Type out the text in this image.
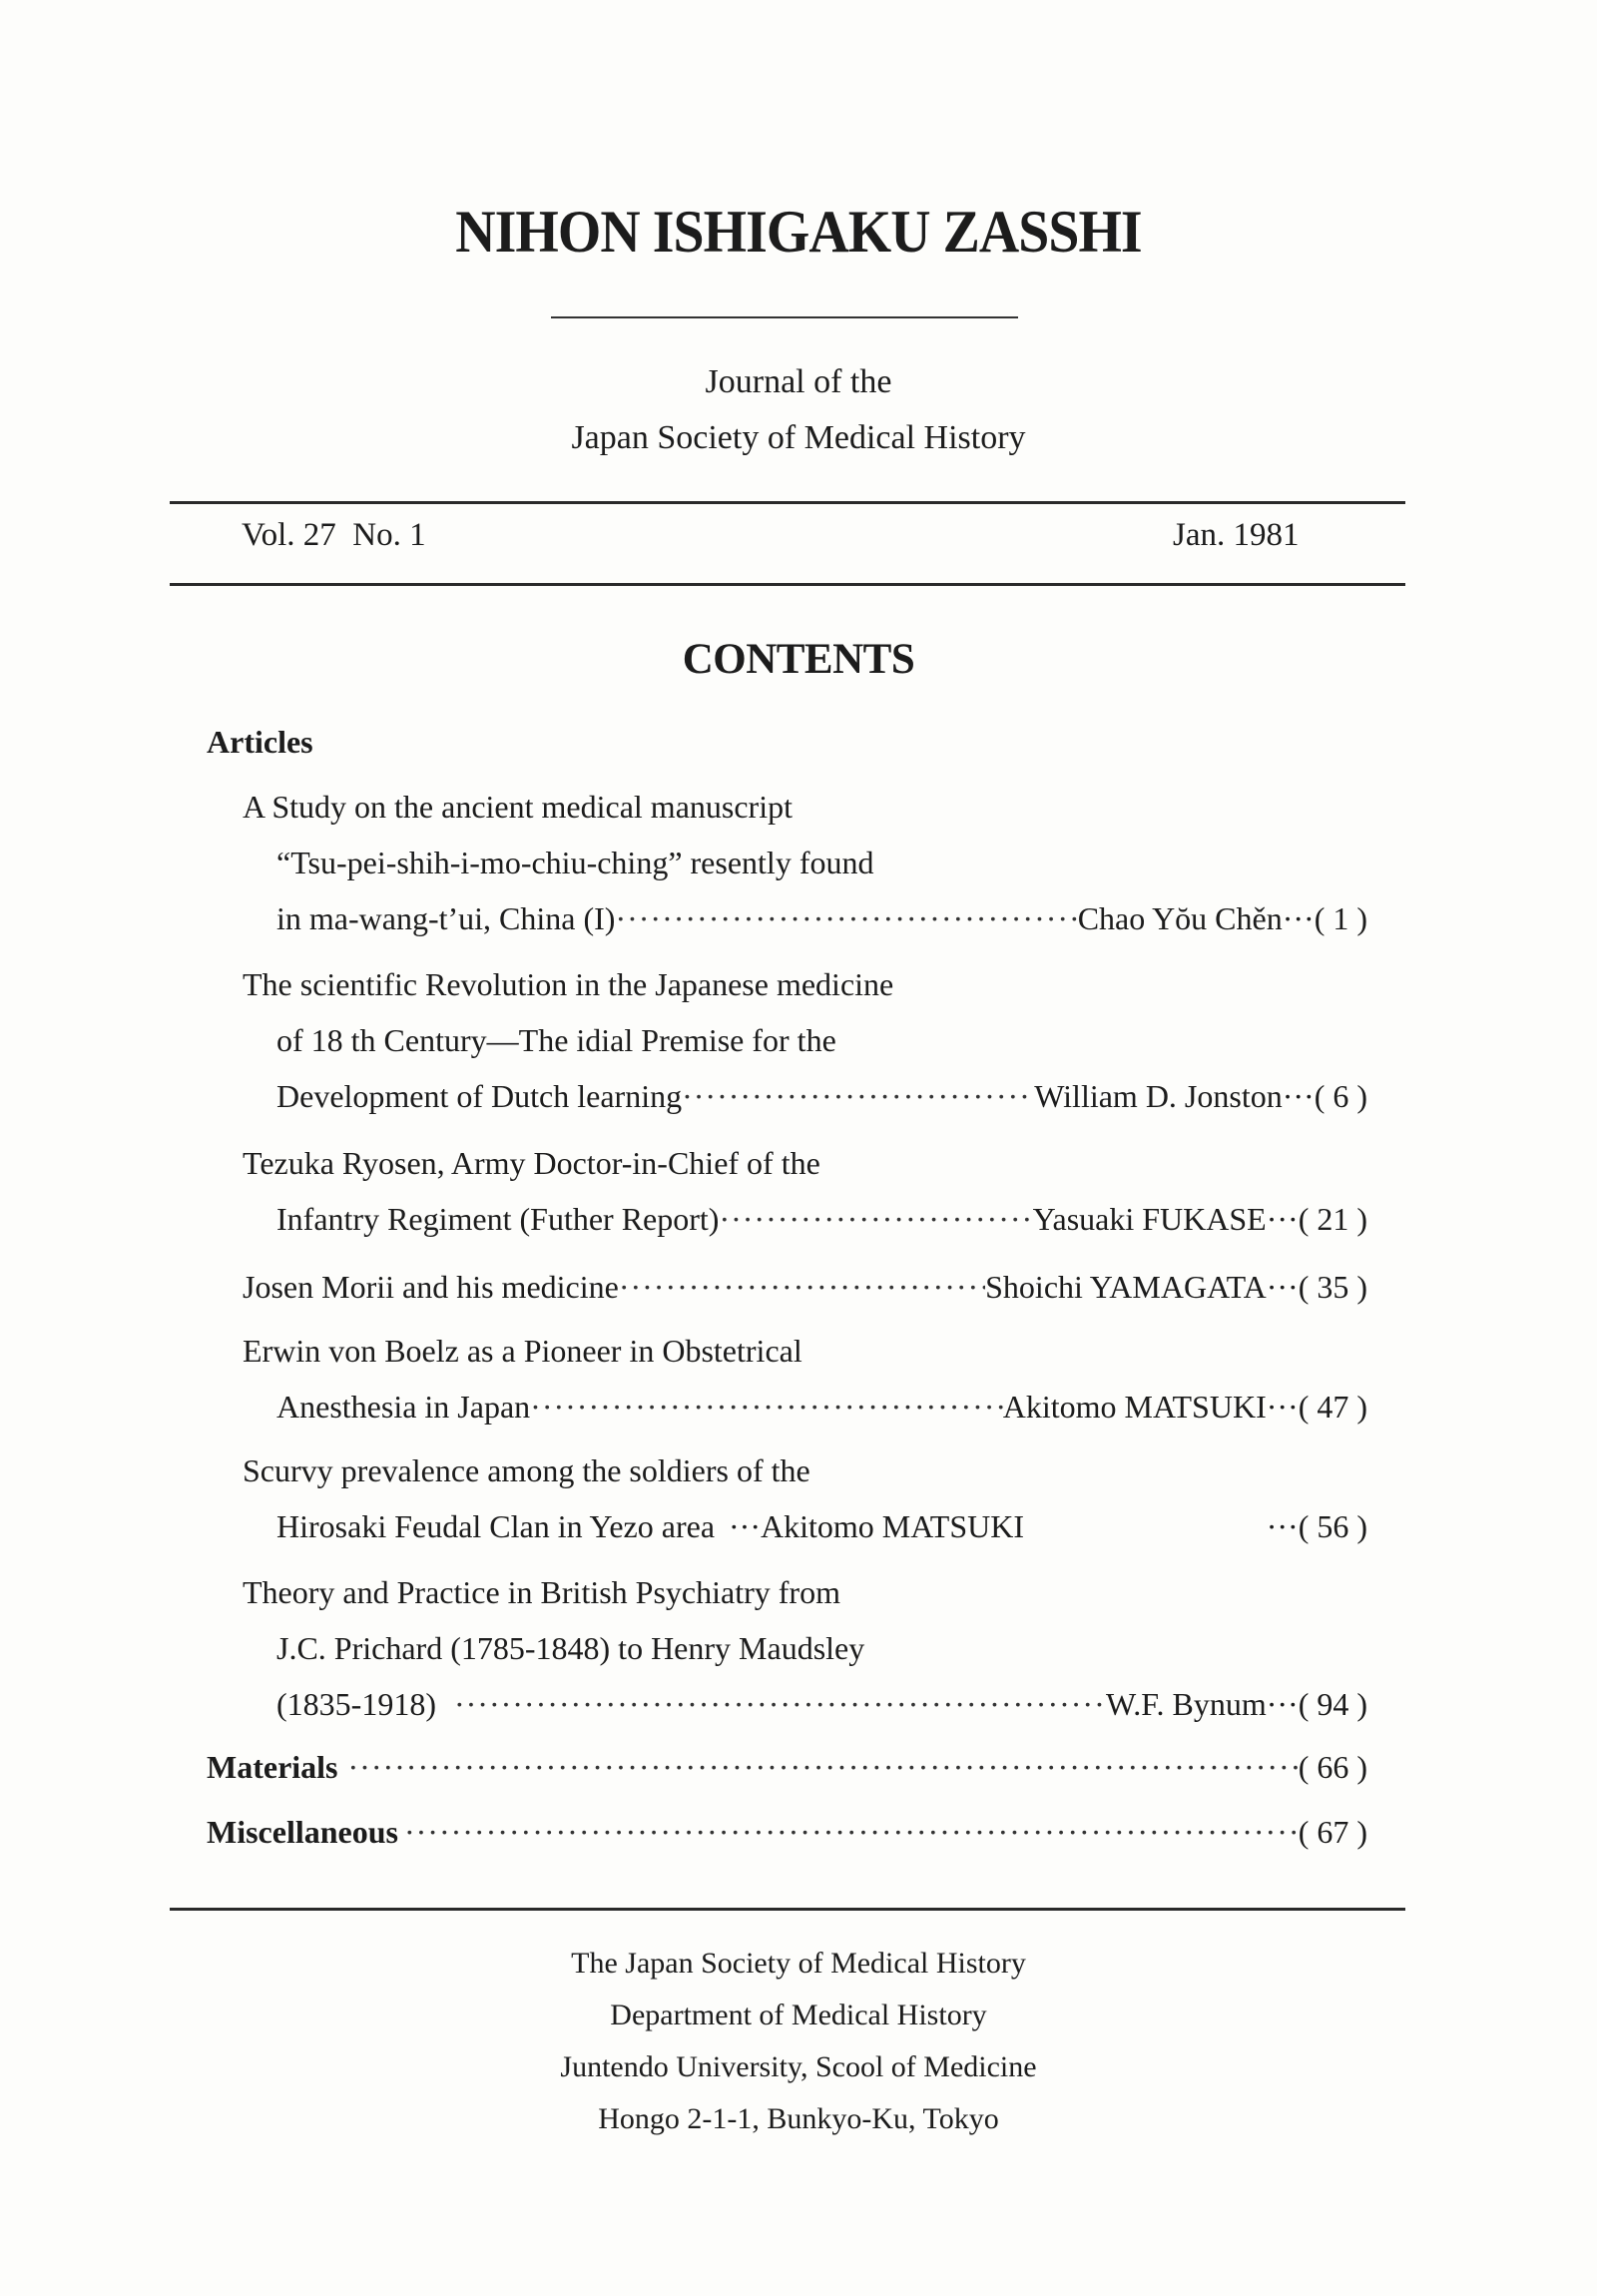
NIHON ISHIGAKU ZASSHI
Journal of the
Japan Society of Medical History
Vol. 27  No. 1	Jan. 1981
CONTENTS
Articles
A Study on the ancient medical manuscript
“Tsu-pei-shih-i-mo-chiu-ching” resently found
in ma-wang-t’ui, China (I) ·····	Chao Yŏu Chěn ··· ( 1 )
The scientific Revolution in the Japanese medicine
of 18 th Century—The idial Premise for the
Development of Dutch learning ·····	William D. Jonston ··· ( 6 )
Tezuka Ryosen, Army Doctor-in-Chief of the
Infantry Regiment (Futher Report) ·····	Yasuaki FUKASE ··· ( 21 )
Josen Morii and his medicine ·····	Shoichi YAMAGATA ··· ( 35 )
Erwin von Boelz as a Pioneer in Obstetrical
Anesthesia in Japan ·····	Akitomo MATSUKI ··· ( 47 )
Scurvy prevalence among the soldiers of the
Hirosaki Feudal Clan in Yezo area ··· Akitomo MATSUKI	··· ( 56 )
Theory and Practice in British Psychiatry from
J.C. Prichard (1785-1848) to Henry Maudsley
(1835-1918) ·····	W.F. Bynum ··· ( 94 )
Materials ·····	( 66 )
Miscellaneous ·····	( 67 )
The Japan Society of Medical History
Department of Medical History
Juntendo University, Scool of Medicine
Hongo 2-1-1, Bunkyo-Ku, Tokyo
